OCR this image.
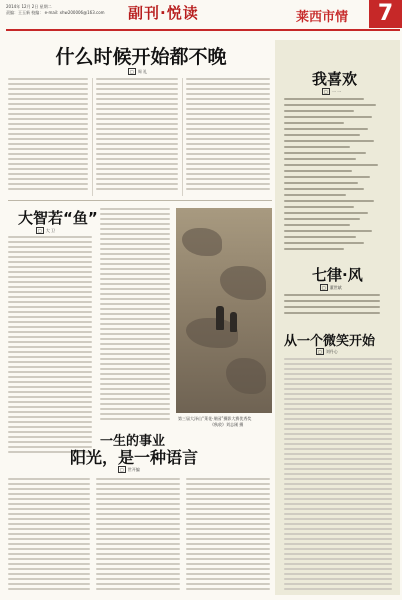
2014年 12月 2日 星期二
责编：王玉新 校编： e-mail: xhw200006@163.com 副刊·悦读	莱西市情	7
什么时候开始都不晚
□ 周 礼
大智若“鱼”
□ 大 卫
一生的事业
第三届大泽山“莱花·果园”摄影大赛优秀奖
《秋收》刘志刚 摄
阳光，是一种语言
□ 世开编
我喜欢
□ 一 一
七律·风
□ 董世斌
从一个微笑开始
□ 刘丹心
